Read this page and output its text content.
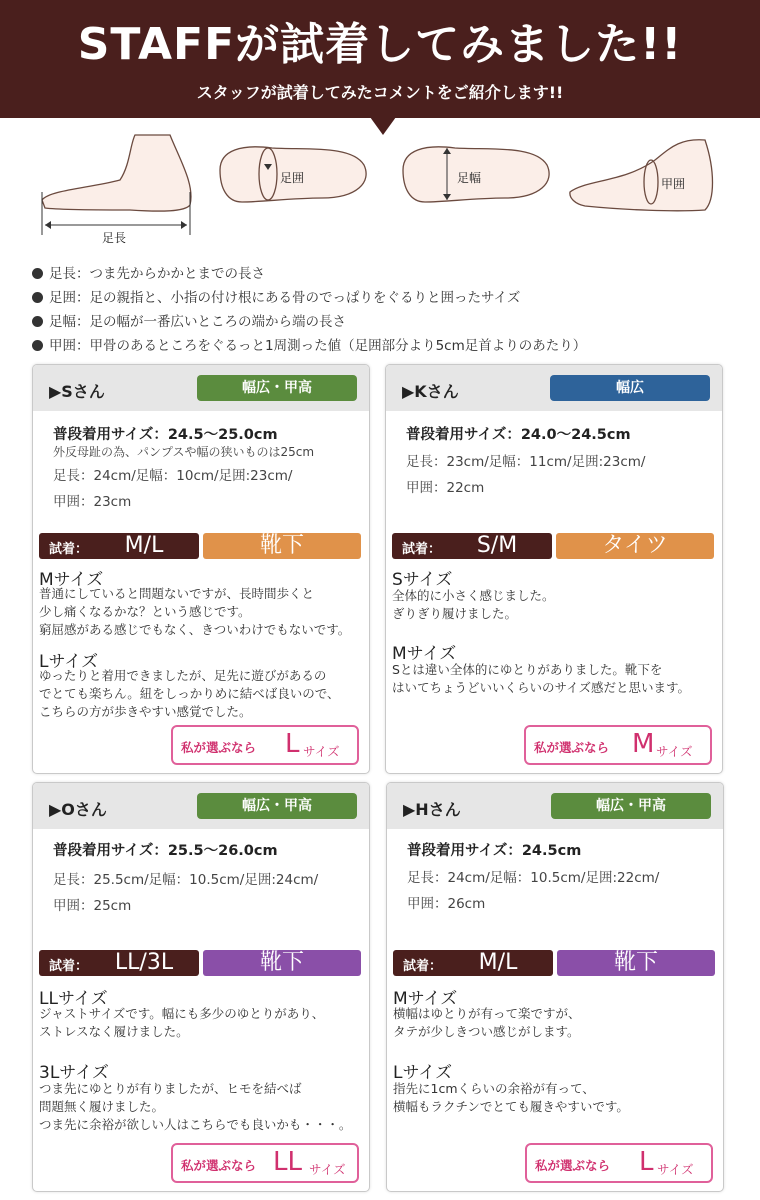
STAFFが試着してみました!!
スタッフが試着してみたコメントをご紹介します!!
足長
足囲	足幅	甲囲
足長：つま先からかかとまでの長さ
足囲：足の親指と、小指の付け根にある骨のでっぱりをぐるりと囲ったサイズ
足幅：足の幅が一番広いところの端から端の長さ
甲囲：甲骨のあるところをぐるっと1周測った値（足囲部分より5cm足首よりのあたり）
▶Sさん	幅広・甲高
普段着用サイズ：24.5〜25.0cm
外反母趾の為、パンプスや幅の狭いものは25cm
足長：24cm/足幅：10cm/足囲:23cm/
甲囲：23cm
試着：	M/L	靴下
Mサイズ
普通にしていると問題ないですが、長時間歩くと
少し痛くなるかな？という感じです。
窮屈感がある感じでもなく、きついわけでもないです。
Lサイズ
ゆったりと着用できましたが、足先に遊びがあるの
でとても楽ちん。紐をしっかりめに結べば良いので、
こちらの方が歩きやすい感覚でした。
私が選ぶなら L サイズ
▶Kさん	幅広
普段着用サイズ：24.0〜24.5cm
足長：23cm/足幅：11cm/足囲:23cm/
甲囲：22cm
試着：	S/M	タイツ
Sサイズ
全体的に小さく感じました。
ぎりぎり履けました。
Mサイズ
Sとは違い全体的にゆとりがありました。靴下を
はいてちょうどいいくらいのサイズ感だと思います。
私が選ぶなら M サイズ
▶Oさん	幅広・甲高
普段着用サイズ：25.5〜26.0cm
足長：25.5cm/足幅：10.5cm/足囲:24cm/
甲囲：25cm
試着：	LL/3L	靴下
LLサイズ
ジャストサイズです。幅にも多少のゆとりがあり、
ストレスなく履けました。
3Lサイズ
つま先にゆとりが有りましたが、ヒモを結べば
問題無く履けました。
つま先に余裕が欲しい人はこちらでも良いかも・・・。
私が選ぶなら LL サイズ
▶Hさん	幅広・甲高
普段着用サイズ：24.5cm
足長：24cm/足幅：10.5cm/足囲:22cm/
甲囲：26cm
試着：	M/L	靴下
Mサイズ
横幅はゆとりが有って楽ですが、
タテが少しきつい感じがします。
Lサイズ
指先に1cmくらいの余裕が有って、
横幅もラクチンでとても履きやすいです。
私が選ぶなら L サイズ
